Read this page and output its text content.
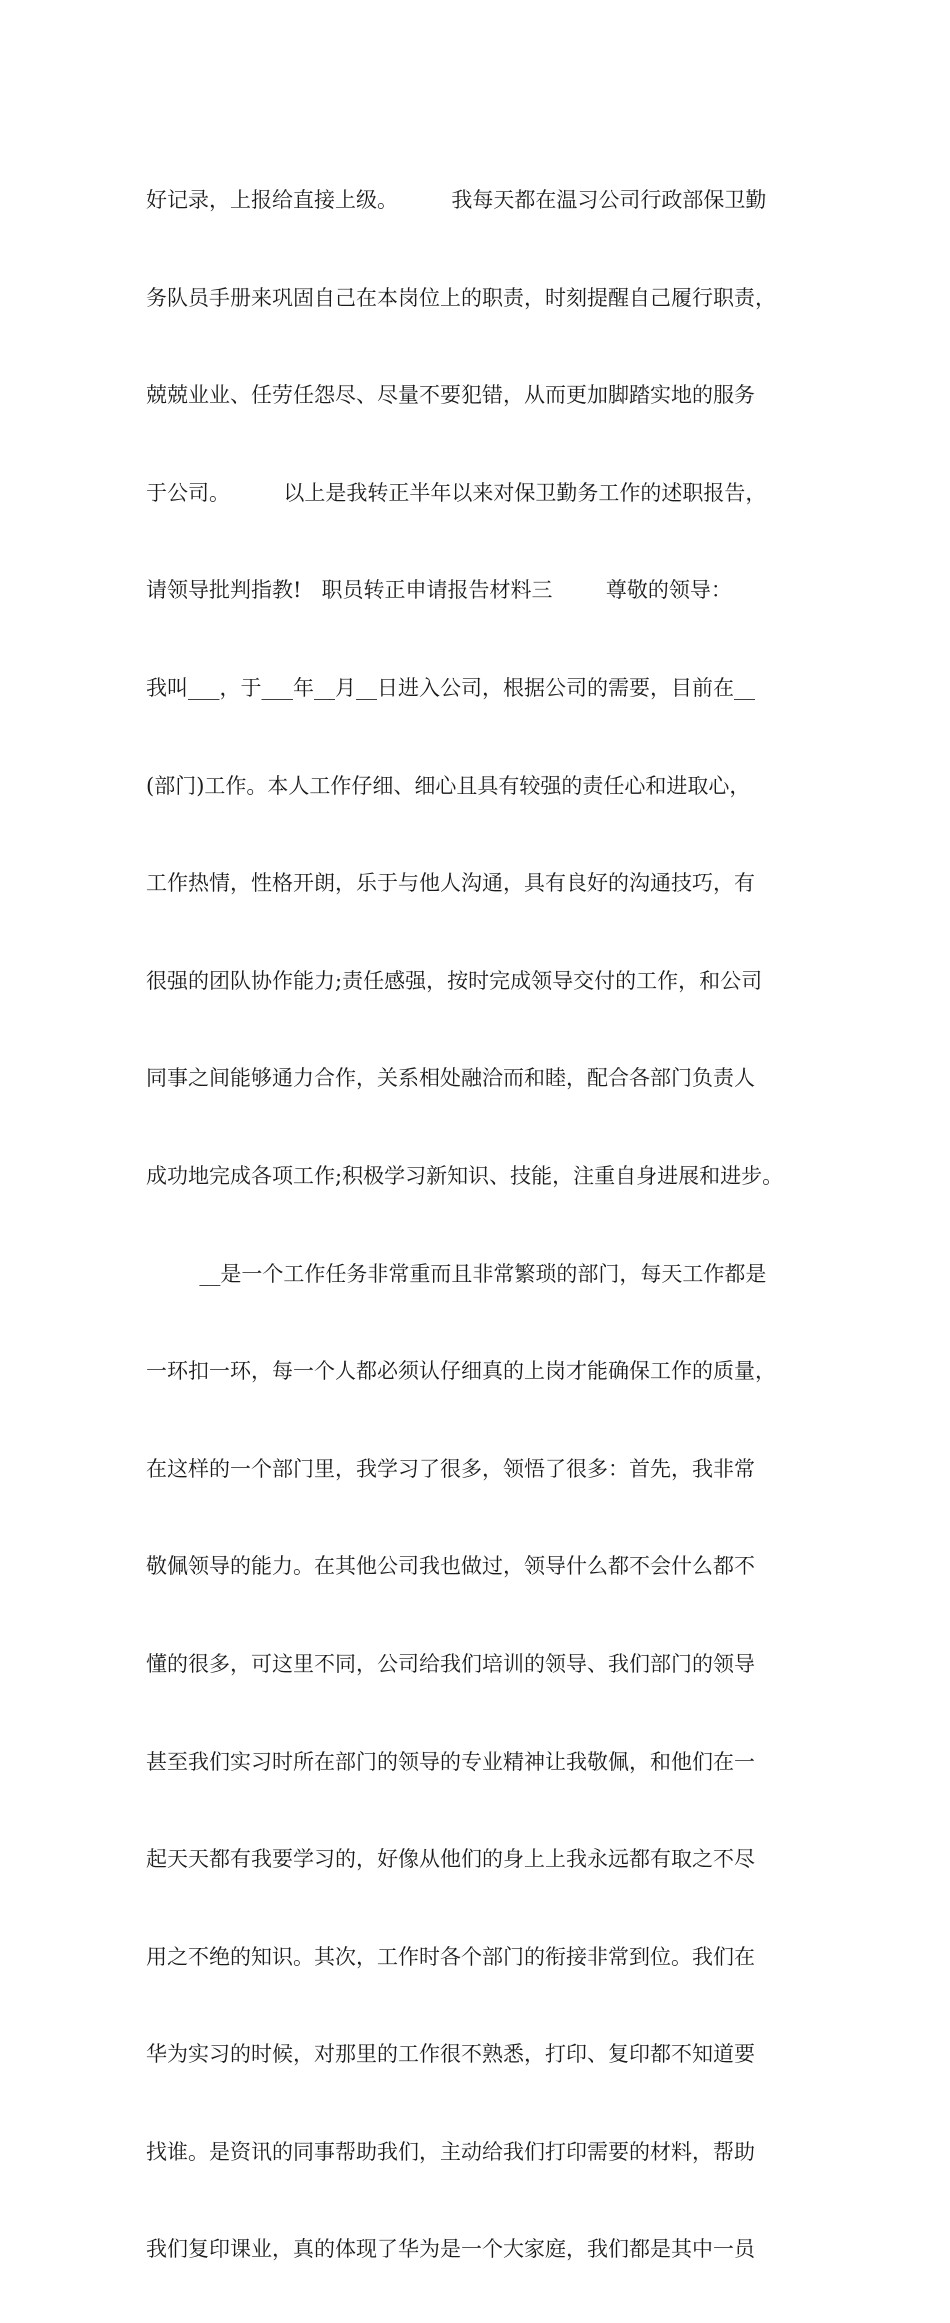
好记录，上报给直接上级。        我每天都在温习公司行政部保卫勤

务队员手册来巩固自己在本岗位上的职责，时刻提醒自己履行职责，

兢兢业业、任劳任怨尽、尽量不要犯错，从而更加脚踏实地的服务

于公司。        以上是我转正半年以来对保卫勤务工作的述职报告，

请领导批判指教!   职员转正申请报告材料三        尊敬的领导：

我叫___，于___年__月__日进入公司，根据公司的需要，目前在__

(部门)工作。本人工作仔细、细心且具有较强的责任心和进取心，

工作热情，性格开朗，乐于与他人沟通，具有良好的沟通技巧，有

很强的团队协作能力;责任感强，按时完成领导交付的工作，和公司

同事之间能够通力合作，关系相处融洽而和睦，配合各部门负责人

成功地完成各项工作;积极学习新知识、技能，注重自身进展和进步。

__是一个工作任务非常重而且非常繁琐的部门，每天工作都是

一环扣一环，每一个人都必须认仔细真的上岗才能确保工作的质量，

在这样的一个部门里，我学习了很多，领悟了很多：首先，我非常

敬佩领导的能力。在其他公司我也做过，领导什么都不会什么都不

懂的很多，可这里不同，公司给我们培训的领导、我们部门的领导

甚至我们实习时所在部门的领导的专业精神让我敬佩，和他们在一

起天天都有我要学习的，好像从他们的身上上我永远都有取之不尽

用之不绝的知识。其次，工作时各个部门的衔接非常到位。我们在

华为实习的时候，对那里的工作很不熟悉，打印、复印都不知道要

找谁。是资讯的同事帮助我们，主动给我们打印需要的材料，帮助

我们复印课业，真的体现了华为是一个大家庭，我们都是其中一员
